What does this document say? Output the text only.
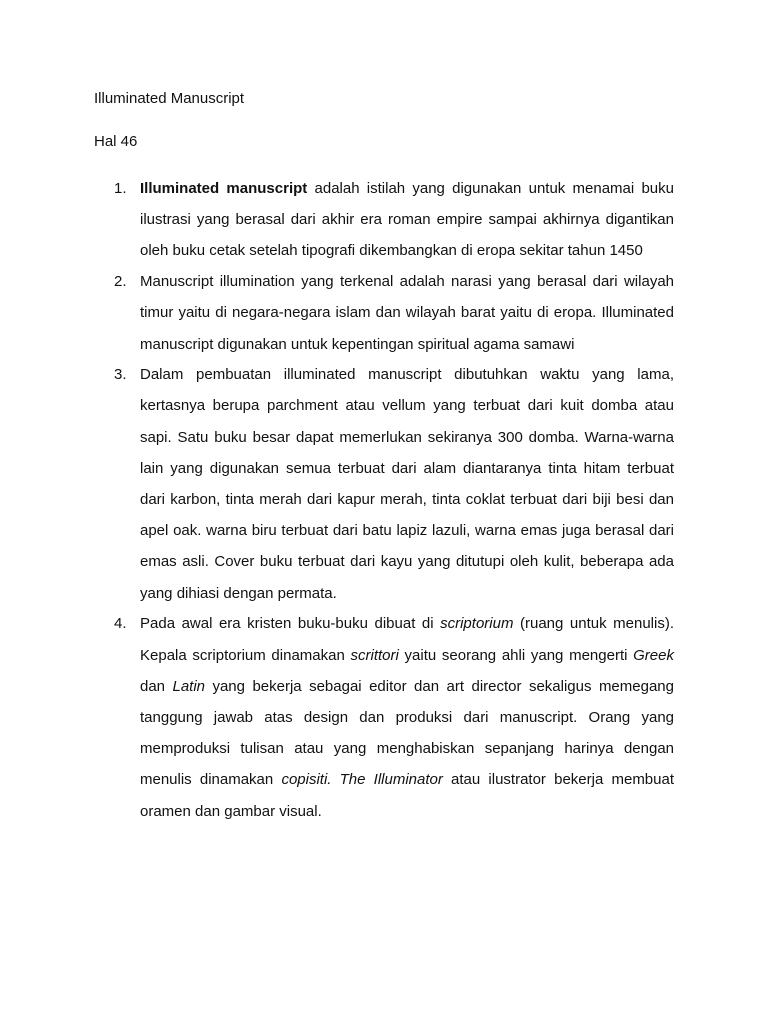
Illuminated Manuscript
Hal 46
1. Illuminated manuscript adalah istilah yang digunakan untuk menamai buku ilustrasi yang berasal dari akhir era roman empire sampai akhirnya digantikan oleh buku cetak setelah tipografi dikembangkan di eropa sekitar tahun 1450
2. Manuscript illumination yang terkenal adalah narasi yang berasal dari wilayah timur yaitu di negara-negara islam dan wilayah barat yaitu di eropa. Illuminated manuscript digunakan untuk kepentingan spiritual agama samawi
3. Dalam pembuatan illuminated manuscript dibutuhkan waktu yang lama, kertasnya berupa parchment atau vellum yang terbuat dari kuit domba atau sapi. Satu buku besar dapat memerlukan sekiranya 300 domba. Warna-warna lain yang digunakan semua terbuat dari alam diantaranya tinta hitam terbuat dari karbon, tinta merah dari kapur merah, tinta coklat terbuat dari biji besi dan apel oak. warna biru terbuat dari batu lapiz lazuli, warna emas juga berasal dari emas asli. Cover buku terbuat dari kayu yang ditutupi oleh kulit, beberapa ada yang dihiasi dengan permata.
4. Pada awal era kristen buku-buku dibuat di scriptorium (ruang untuk menulis). Kepala scriptorium dinamakan scrittori yaitu seorang ahli yang mengerti Greek dan Latin yang bekerja sebagai editor dan art director sekaligus memegang tanggung jawab atas design dan produksi dari manuscript. Orang yang memproduksi tulisan atau yang menghabiskan sepanjang harinya dengan menulis dinamakan copisiti. The Illuminator atau ilustrator bekerja membuat oramen dan gambar visual.
